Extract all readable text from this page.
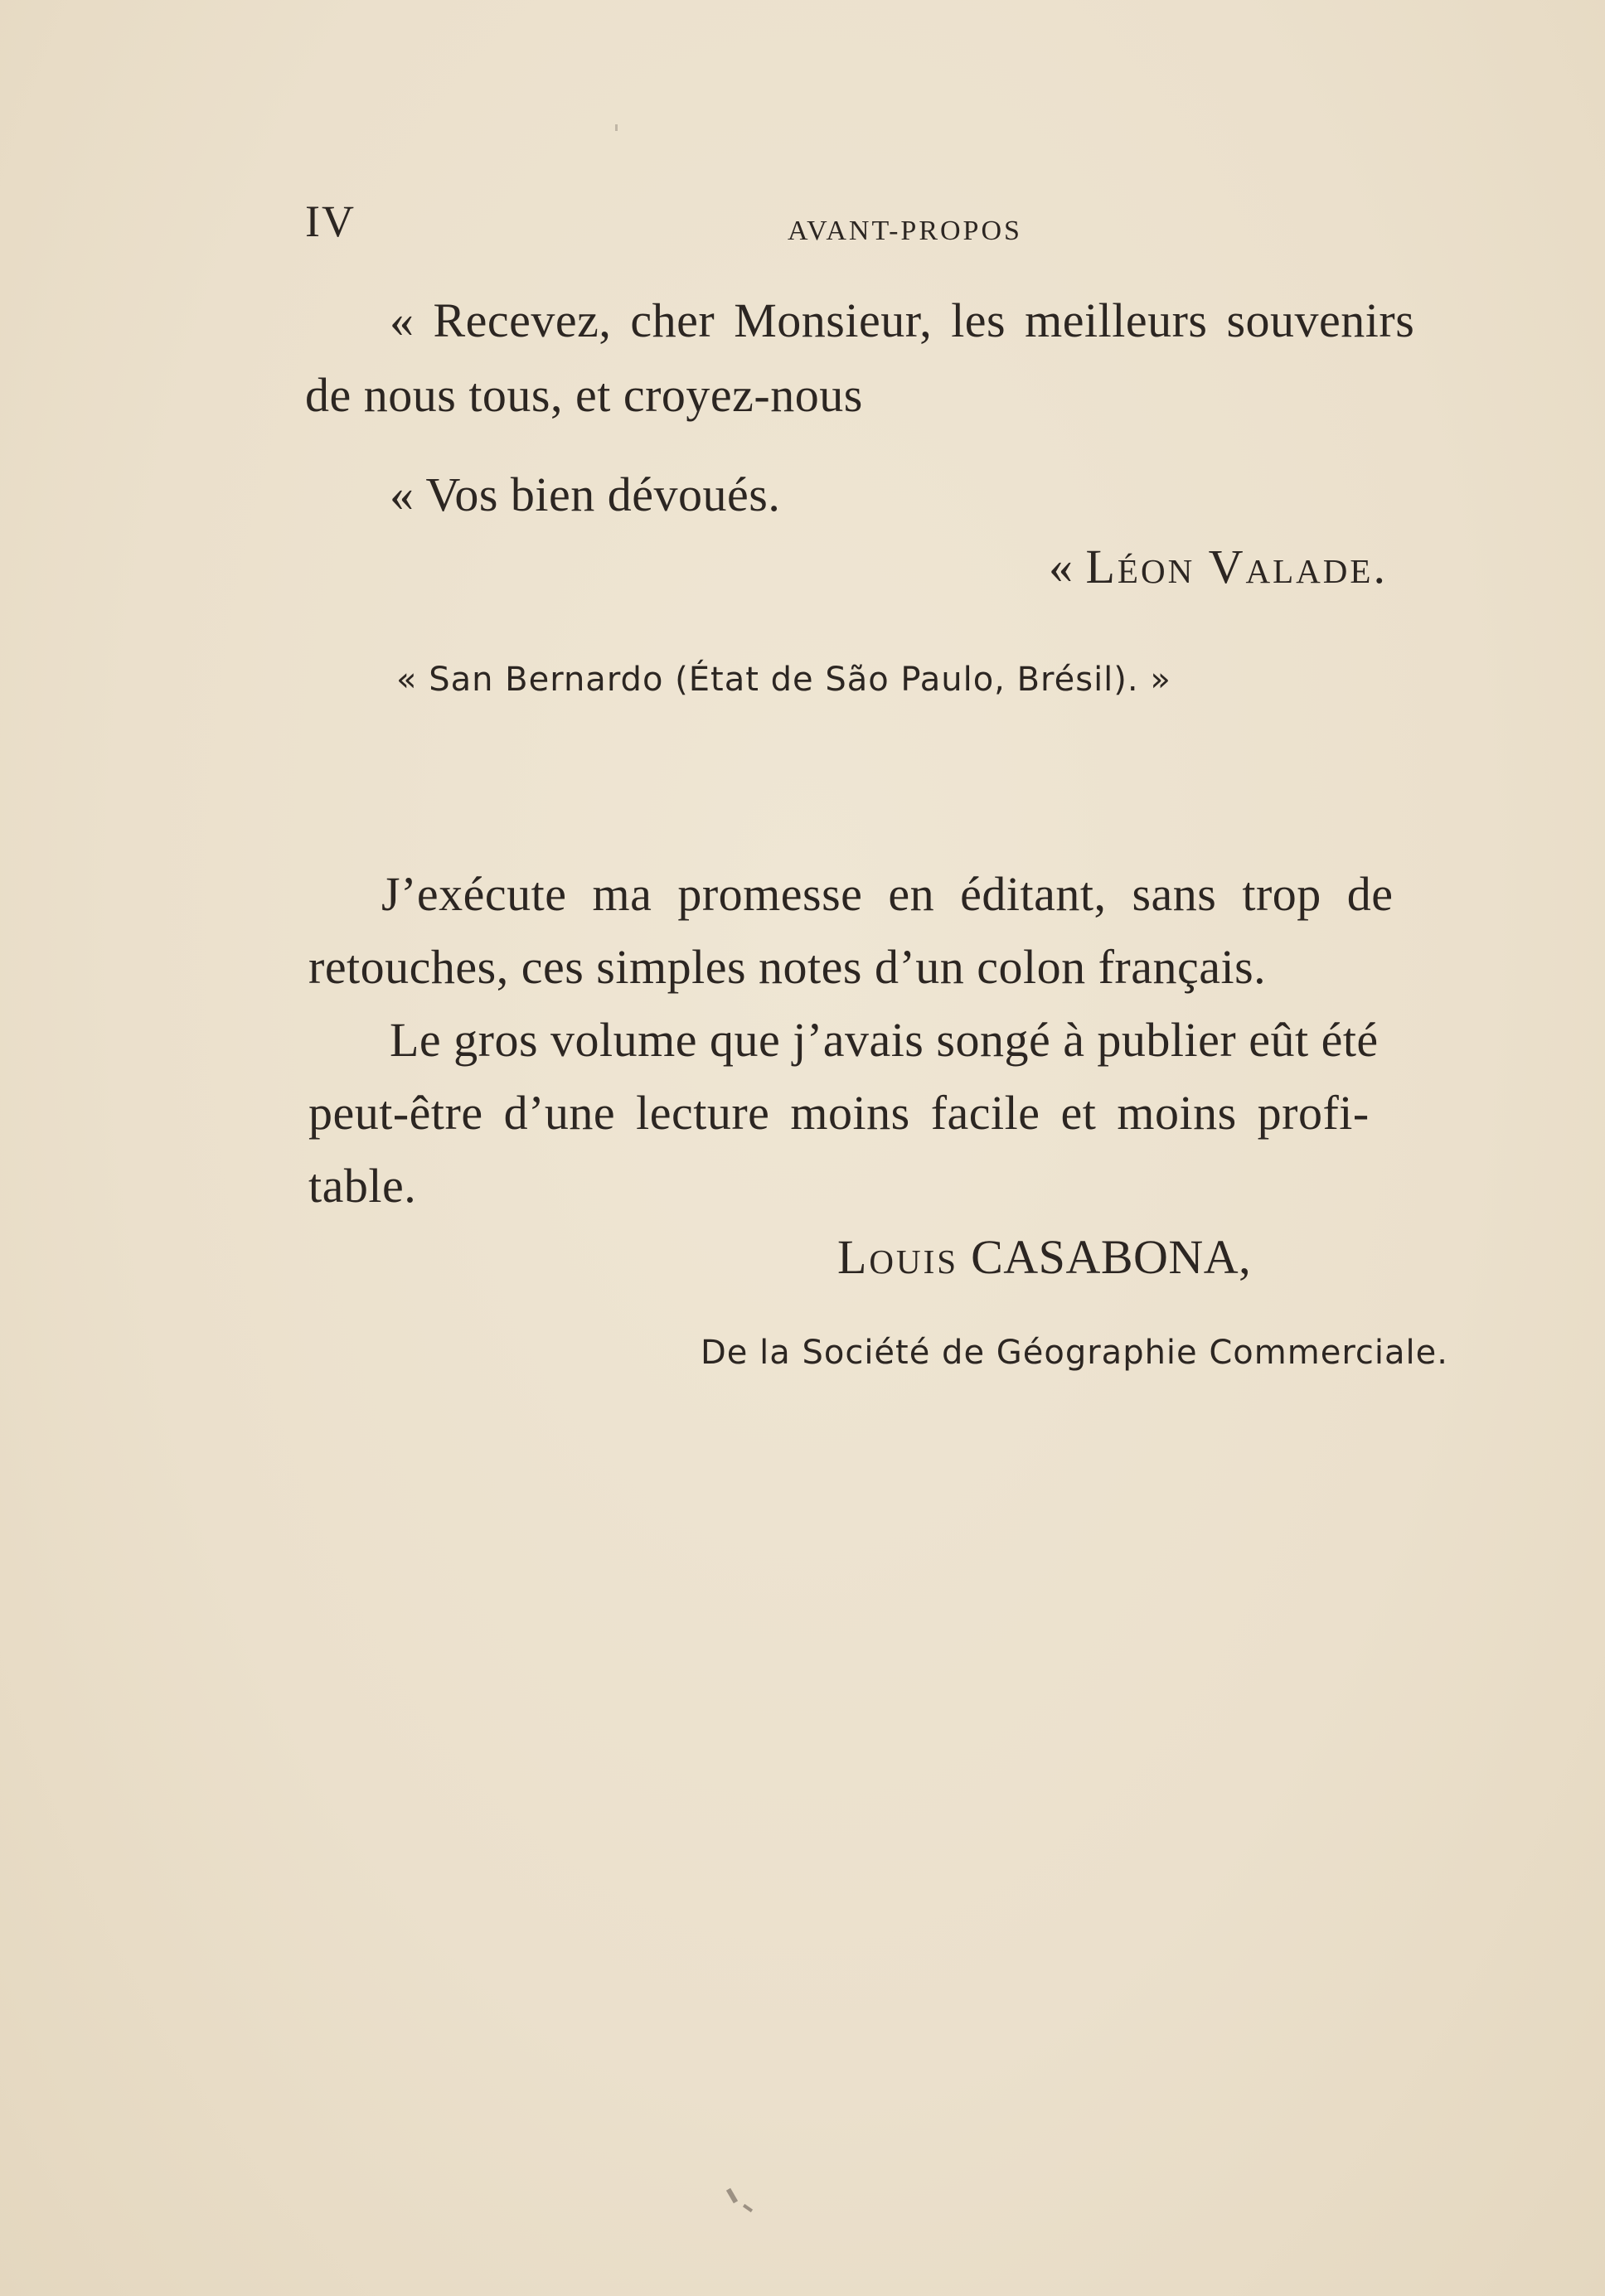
IV	AVANT-PROPOS
« Recevez, cher Monsieur, les meilleurs souvenirs
de nous tous, et croyez-nous
« Vos bien dévoués.
« Léon Valade.
« San Bernardo (État de São Paulo, Brésil). »
J’exécute ma promesse en éditant, sans trop de
retouches, ces simples notes d’un colon français.
Le gros volume que j’avais songé à publier eût été
peut-être d’une lecture moins facile et moins profi-
table.
Louis CASABONA,
De la Société de Géographie Commerciale.
